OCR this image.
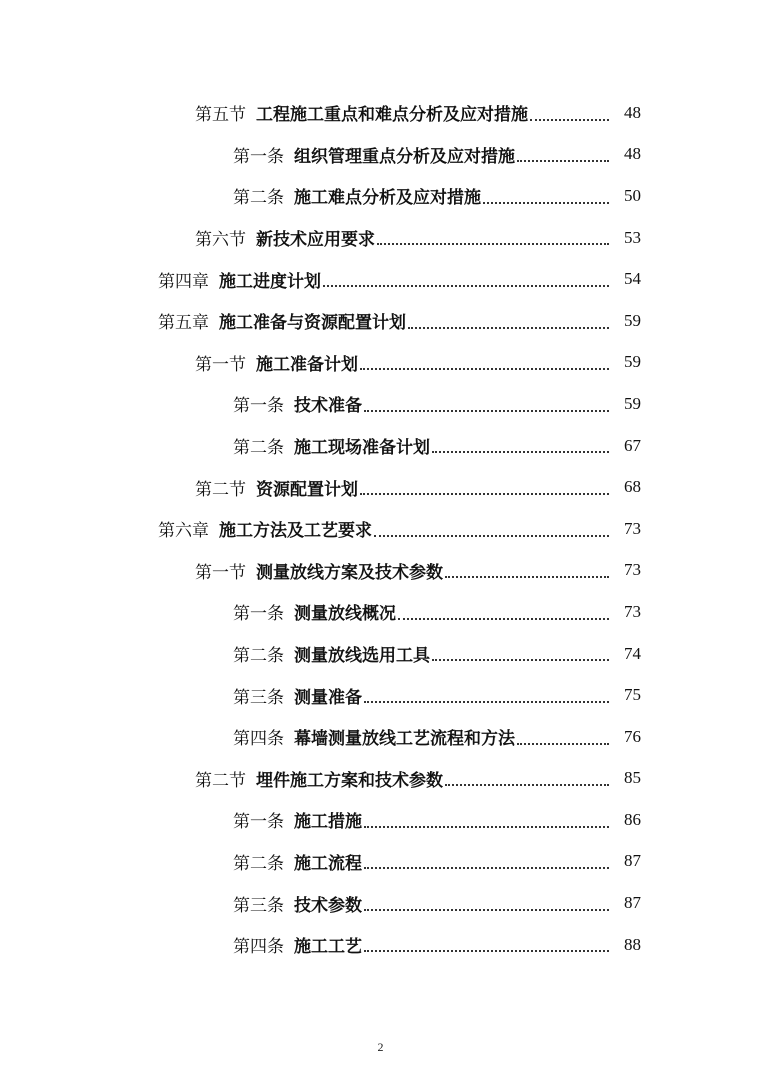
第五节 工程施工重点和难点分析及应对措施	48
第一条 组织管理重点分析及应对措施	48
第二条 施工难点分析及应对措施	50
第六节 新技术应用要求	53
第四章 施工进度计划	54
第五章 施工准备与资源配置计划	59
第一节 施工准备计划	59
第一条 技术准备	59
第二条 施工现场准备计划	67
第二节 资源配置计划	68
第六章 施工方法及工艺要求	73
第一节 测量放线方案及技术参数	73
第一条 测量放线概况	73
第二条 测量放线选用工具	74
第三条 测量准备	75
第四条 幕墙测量放线工艺流程和方法	76
第二节 埋件施工方案和技术参数	85
第一条 施工措施	86
第二条 施工流程	87
第三条 技术参数	87
第四条 施工工艺	88
2
